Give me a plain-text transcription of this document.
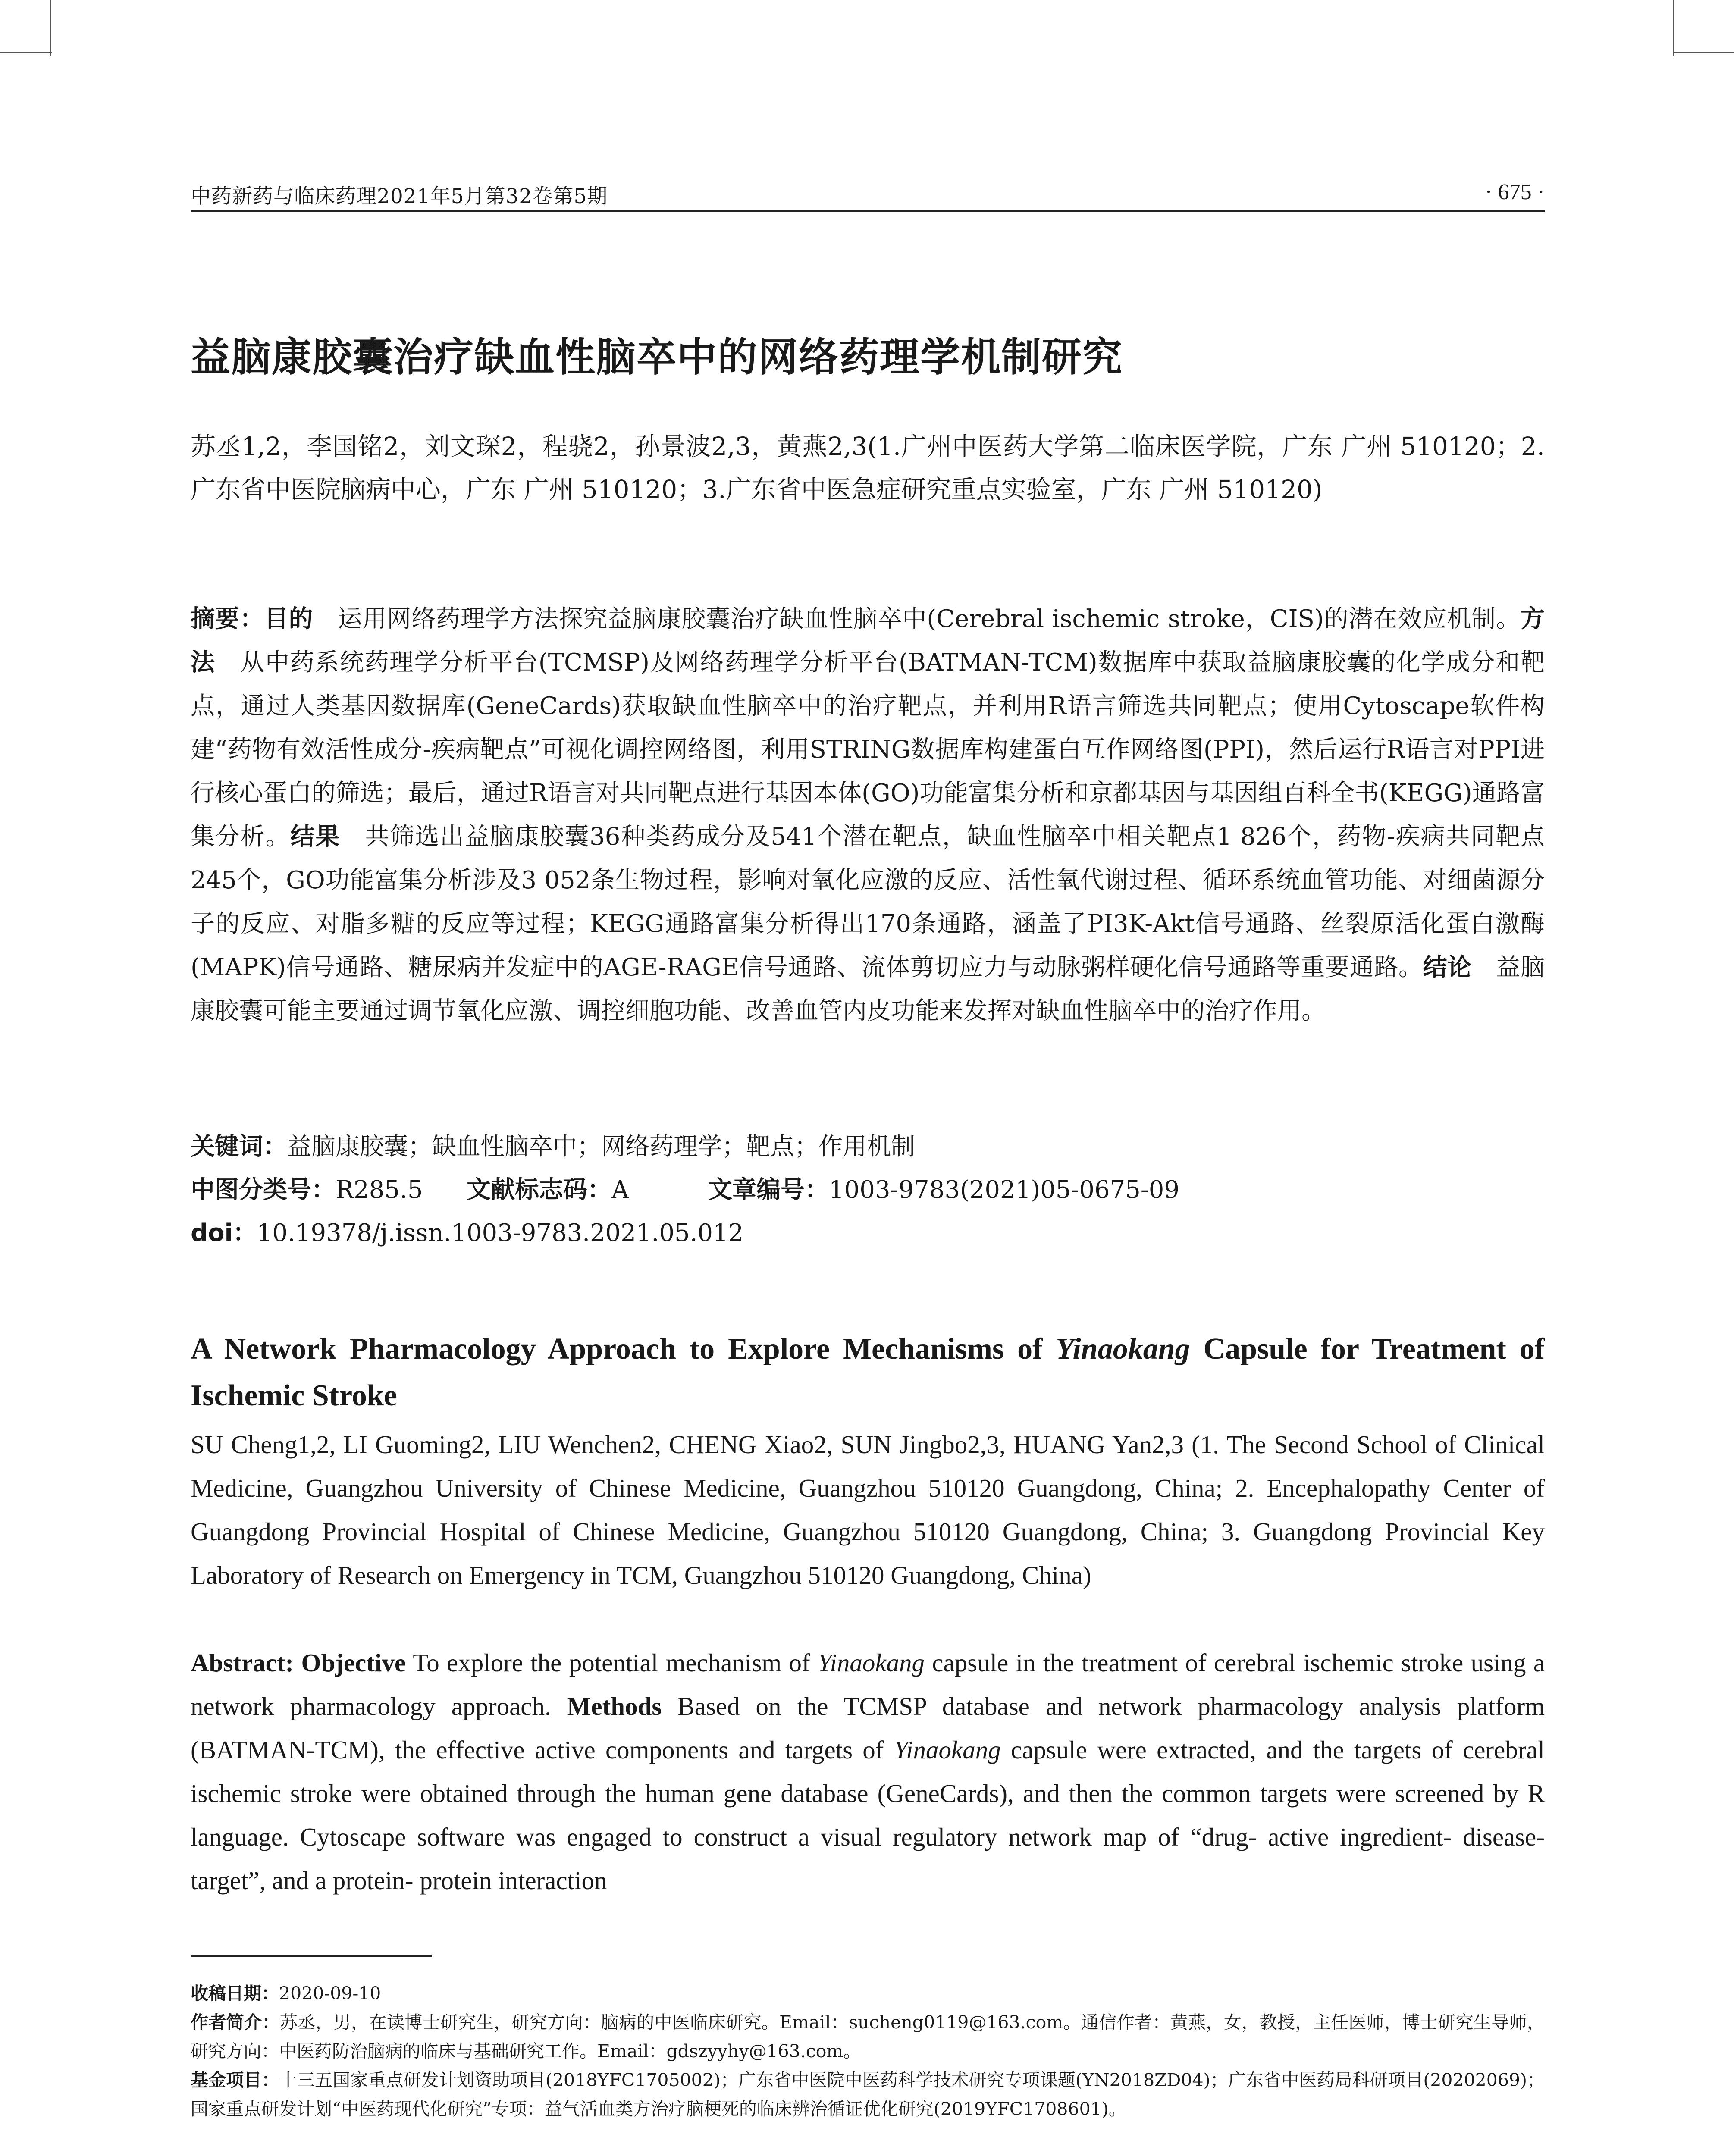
中药新药与临床药理2021年5月第32卷第5期	· 675 ·
益脑康胶囊治疗缺血性脑卒中的网络药理学机制研究
苏丞1,2，李国铭2，刘文琛2，程骁2，孙景波2,3，黄燕2,3(1.广州中医药大学第二临床医学院，广东 广州 510120；2.广东省中医院脑病中心，广东 广州 510120；3.广东省中医急症研究重点实验室，广东 广州 510120)
摘要：目的　 运用网络药理学方法探究益脑康胶囊治疗缺血性脑卒中(Cerebral ischemic stroke，CIS)的潜在效应机制。方法　 从中药系统药理学分析平台(TCMSP)及网络药理学分析平台(BATMAN-TCM)数据库中获取益脑康胶囊的化学成分和靶点，通过人类基因数据库(GeneCards)获取缺血性脑卒中的治疗靶点，并利用R语言筛选共同靶点；使用Cytoscape软件构建“药物有效活性成分-疾病靶点”可视化调控网络图，利用STRING数据库构建蛋白互作网络图(PPI)，然后运行R语言对PPI进行核心蛋白的筛选；最后，通过R语言对共同靶点进行基因本体(GO)功能富集分析和京都基因与基因组百科全书(KEGG)通路富集分析。结果　 共筛选出益脑康胶囊36种类药成分及541个潜在靶点，缺血性脑卒中相关靶点1 826个，药物-疾病共同靶点245个，GO功能富集分析涉及3 052条生物过程，影响对氧化应激的反应、活性氧代谢过程、循环系统血管功能、对细菌源分子的反应、对脂多糖的反应等过程；KEGG通路富集分析得出170条通路，涵盖了PI3K-Akt信号通路、丝裂原活化蛋白激酶(MAPK)信号通路、糖尿病并发症中的AGE-RAGE信号通路、流体剪切应力与动脉粥样硬化信号通路等重要通路。结论　 益脑康胶囊可能主要通过调节氧化应激、调控细胞功能、改善血管内皮功能来发挥对缺血性脑卒中的治疗作用。
关键词：益脑康胶囊；缺血性脑卒中；网络药理学；靶点；作用机制
中图分类号：R285.5 文献标志码：A	文章编号：1003-9783(2021)05-0675-09
doi：10.19378/j.issn.1003-9783.2021.05.012
A Network Pharmacology Approach to Explore Mechanisms of Yinaokang Capsule for Treatment of Ischemic Stroke
SU Cheng1,2, LI Guoming2, LIU Wenchen2, CHENG Xiao2, SUN Jingbo2,3, HUANG Yan2,3 (1. The Second School of Clinical Medicine, Guangzhou University of Chinese Medicine, Guangzhou 510120 Guangdong, China; 2. Encephalopathy Center of Guangdong Provincial Hospital of Chinese Medicine, Guangzhou 510120 Guangdong, China; 3. Guangdong Provincial Key Laboratory of Research on Emergency in TCM, Guangzhou 510120 Guangdong, China)
Abstract: Objective To explore the potential mechanism of Yinaokang capsule in the treatment of cerebral ischemic stroke using a network pharmacology approach. Methods Based on the TCMSP database and network pharmacology analysis platform (BATMAN-TCM), the effective active components and targets of Yinaokang capsule were extracted, and the targets of cerebral ischemic stroke were obtained through the human gene database (GeneCards), and then the common targets were screened by R language. Cytoscape software was engaged to construct a visual regulatory network map of “drug- active ingredient- disease- target”, and a protein- protein interaction

收稿日期：2020-09-10

作者简介：苏丞，男，在读博士研究生，研究方向：脑病的中医临床研究。Email：sucheng0119@163.com。通信作者：黄燕，女，教授，主任医师，博士研究生导师，研究方向：中医药防治脑病的临床与基础研究工作。Email：gdszyyhy@163.com。

基金项目：十三五国家重点研发计划资助项目(2018YFC1705002)；广东省中医院中医药科学技术研究专项课题(YN2018ZD04)；广东省中医药局科研项目(20202069)；国家重点研发计划“中医药现代化研究”专项：益气活血类方治疗脑梗死的临床辨治循证优化研究(2019YFC1708601)。
